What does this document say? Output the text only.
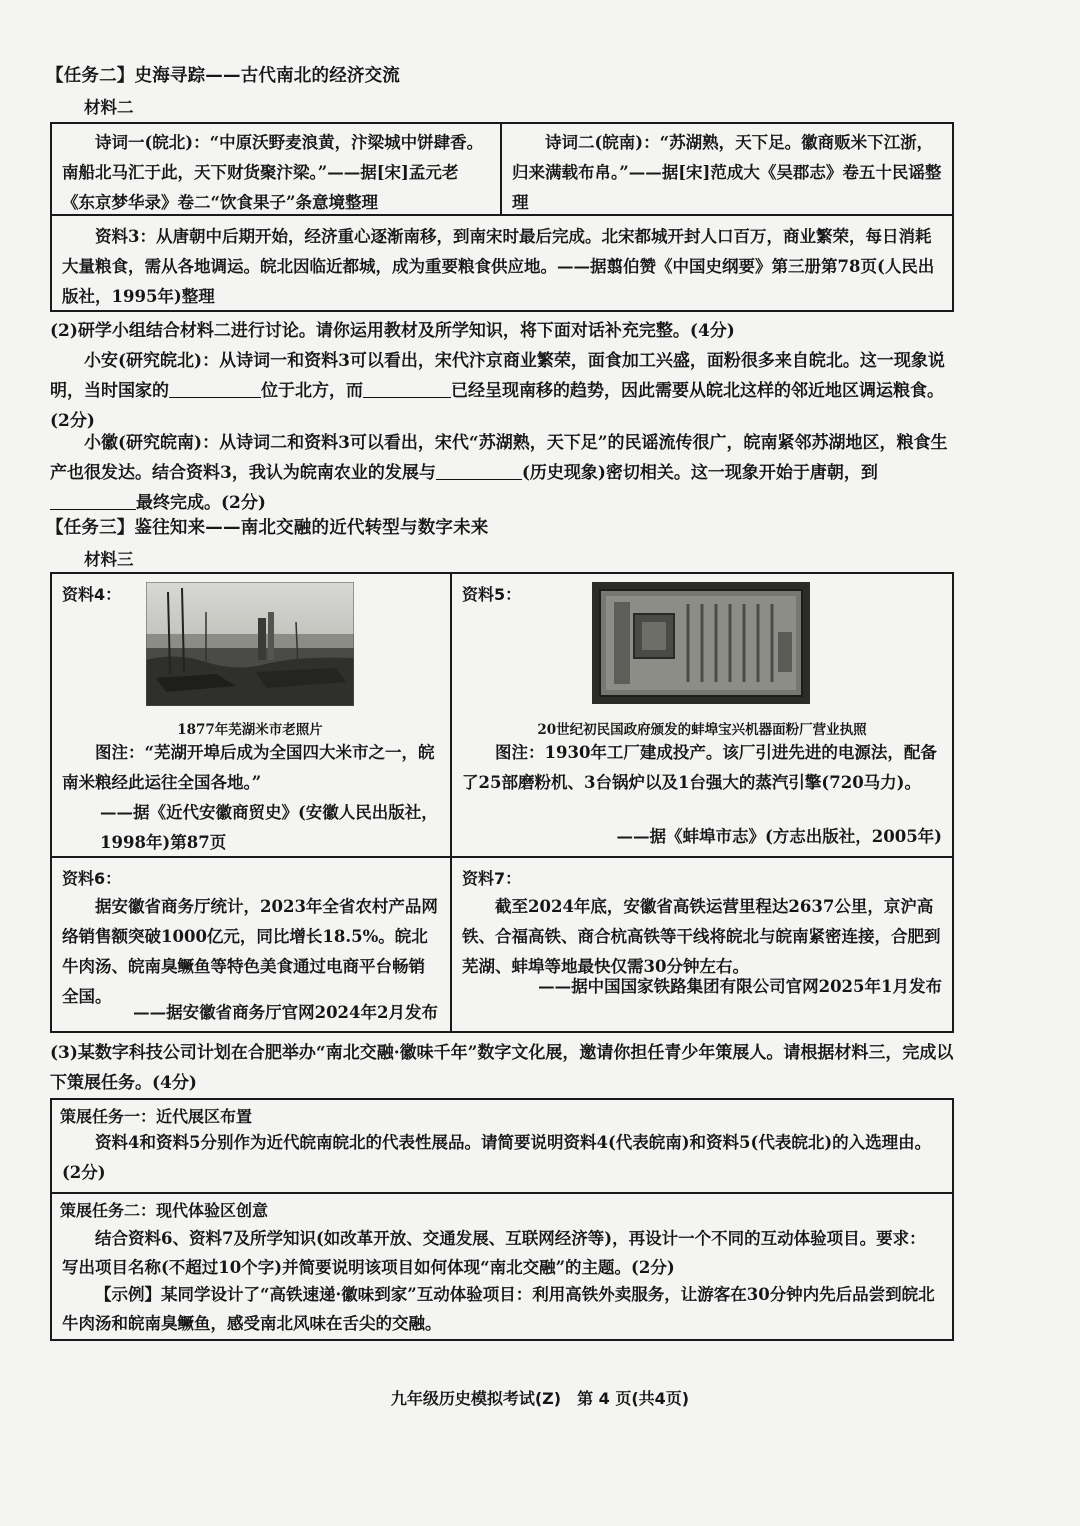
【任务二】史海寻踪——古代南北的经济交流
材料二
诗词一(皖北)：“中原沃野麦浪黄，汴梁城中饼肆香。南船北马汇于此，天下财货聚汴梁。”——据[宋]孟元老《东京梦华录》卷二“饮食果子”条意境整理
诗词二(皖南)：“苏湖熟，天下足。徽商贩米下江浙，归来满载布帛。”——据[宋]范成大《吴郡志》卷五十民谣整理
资料3：从唐朝中后期开始，经济重心逐渐南移，到南宋时最后完成。北宋都城开封人口百万，商业繁荣，每日消耗大量粮食，需从各地调运。皖北因临近都城，成为重要粮食供应地。——据翦伯赞《中国史纲要》第三册第78页(人民出版社，1995年)整理
(2)研学小组结合材料二进行讨论。请你运用教材及所学知识，将下面对话补充完整。(4分)
小安(研究皖北)：从诗词一和资料3可以看出，宋代汴京商业繁荣，面食加工兴盛，面粉很多来自皖北。这一现象说明，当时国家的	位于北方，而	已经呈现南移的趋势，因此需要从皖北这样的邻近地区调运粮食。(2分)
小徽(研究皖南)：从诗词二和资料3可以看出，宋代“苏湖熟，天下足”的民谣流传很广，皖南紧邻苏湖地区，粮食生产也很发达。结合资料3，我认为皖南农业的发展与	(历史现象)密切相关。这一现象开始于唐朝，到最终完成。(2分)
【任务三】鉴往知来——南北交融的近代转型与数字未来
材料三
资料4：
1877年芜湖米市老照片
图注：“芜湖开埠后成为全国四大米市之一，皖南米粮经此运往全国各地。”
——据《近代安徽商贸史》(安徽人民出版社，1998年)第87页
资料5：
20世纪初民国政府颁发的蚌埠宝兴机器面粉厂营业执照
图注：1930年工厂建成投产。该厂引进先进的电源法，配备了25部磨粉机、3台锅炉以及1台强大的蒸汽引擎(720马力)。
——据《蚌埠市志》(方志出版社，2005年)
资料6：
据安徽省商务厅统计，2023年全省农村产品网络销售额突破1000亿元，同比增长18.5%。皖北牛肉汤、皖南臭鳜鱼等特色美食通过电商平台畅销全国。
——据安徽省商务厅官网2024年2月发布
资料7：
截至2024年底，安徽省高铁运营里程达2637公里，京沪高铁、合福高铁、商合杭高铁等干线将皖北与皖南紧密连接，合肥到芜湖、蚌埠等地最快仅需30分钟左右。
——据中国国家铁路集团有限公司官网2025年1月发布
(3)某数字科技公司计划在合肥举办“南北交融·徽味千年”数字文化展，邀请你担任青少年策展人。请根据材料三，完成以下策展任务。(4分)
策展任务一：近代展区布置
资料4和资料5分别作为近代皖南皖北的代表性展品。请简要说明资料4(代表皖南)和资料5(代表皖北)的入选理由。(2分)
策展任务二：现代体验区创意
结合资料6、资料7及所学知识(如改革开放、交通发展、互联网经济等)，再设计一个不同的互动体验项目。要求：写出项目名称(不超过10个字)并简要说明该项目如何体现“南北交融”的主题。(2分)
【示例】某同学设计了“高铁速递·徽味到家”互动体验项目：利用高铁外卖服务，让游客在30分钟内先后品尝到皖北牛肉汤和皖南臭鳜鱼，感受南北风味在舌尖的交融。
九年级历史模拟考试(Z)　第 4 页(共4页)
